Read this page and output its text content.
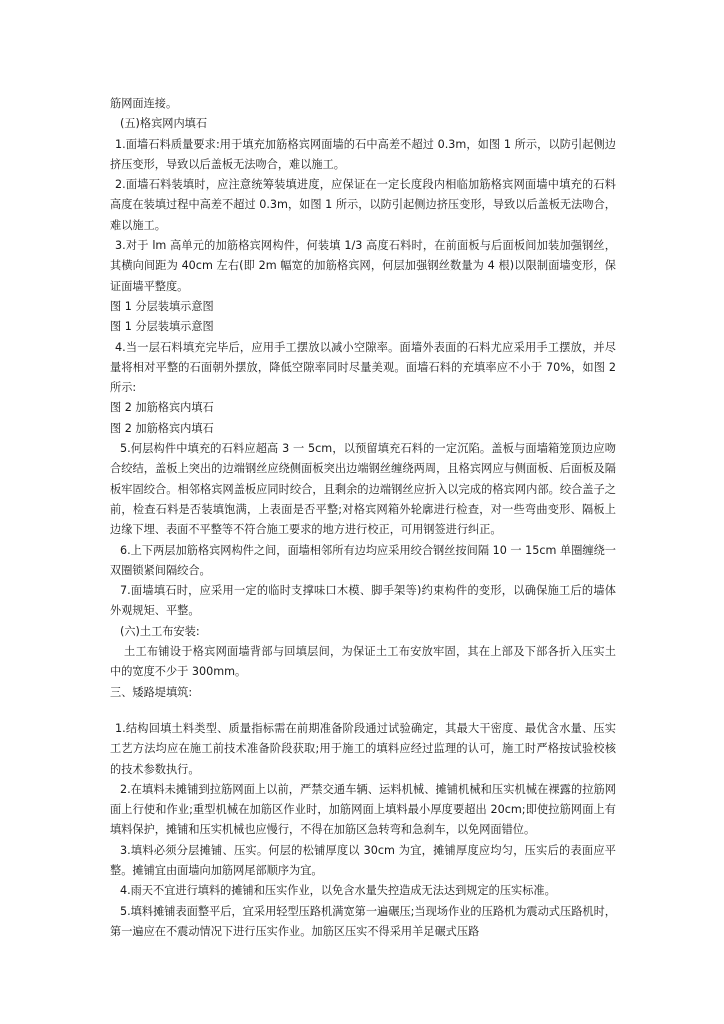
筋网面连接。

(五)格宾网内填石

1.面墙石料质量要求:用于填充加筋格宾网面墙的石中高差不超过 0.3m，如图 1 所示，以防引起侧边挤压变形，导致以后盖板无法吻合，难以施工。

2.面墙石料装填时，应注意统筹装填进度，应保证在一定长度段内相临加筋格宾网面墙中填充的石料高度在装填过程中高差不超过 0.3m，如图 1 所示，以防引起侧边挤压变形，导致以后盖板无法吻合，难以施工。

3.对于 lm 高单元的加筋格宾网构件，何装填 1/3 高度石料时，在前面板与后面板间加装加强钢丝，其横向间距为 40cm 左右(即 2m 幅宽的加筋格宾网，何层加强钢丝数量为 4 根)以限制面墙变形，保证面墙平整度。

图 1 分层装填示意图

图 1 分层装填示意图

4.当一层石料填充完毕后，应用手工摆放以减小空隙率。面墙外表面的石料尤应采用手工摆放，并尽量将相对平整的石面朝外摆放，降低空隙率同时尽量美观。面墙石料的充填率应不小于 70%，如图 2 所示:

图 2 加筋格宾内填石

图 2 加筋格宾内填石

5.何层构件中填充的石料应超高 3 一 5cm，以预留填充石料的一定沉陷。盖板与面墙箱笼顶边应吻合绞结，盖板上突出的边端钢丝应绕侧面板突出边端钢丝缠绕两周，且格宾网应与侧面板、后面板及隔板牢固绞合。相邻格宾网盖板应同时绞合，且剩余的边端钢丝应折入以完成的格宾网内部。绞合盖子之前，检查石料是否装填饱满，上表面是否平整;对格宾网箱外轮廓进行检查，对一些弯曲变形、隔板上边缘下埋、表面不平整等不符合施工要求的地方进行校正，可用钢签进行纠正。

6.上下两层加筋格宾网构件之间，面墙相邻所有边均应采用绞合钢丝按间隔 10 一 15cm 单圈缠绕一双圈锁紧间隔绞合。

7.面墙填石时，应采用一定的临时支撑味口木模、脚手架等)约束构件的变形，以确保施工后的墙体外观规矩、平整。

(六)土工布安装:

土工布铺设于格宾网面墙背部与回填层间，为保证土工布安放牢固，其在上部及下部各折入压实土中的宽度不少于 300mm。

三、矮路堤填筑:

1.结构回填土料类型、质量指标需在前期准备阶段通过试验确定，其最大干密度、最优含水量、压实工艺方法均应在施工前技术准备阶段获取;用于施工的填料应经过监理的认可，施工时严格按试验校核的技术参数执行。

2.在填料未摊铺到拉筋网面上以前，严禁交通车辆、运料机械、摊铺机械和压实机械在裸露的拉筋网面上行使和作业;重型机械在加筋区作业时，加筋网面上填料最小厚度要超出 20cm;即使拉筋网面上有填料保护，摊铺和压实机械也应慢行，不得在加筋区急转弯和急刹车，以免网面错位。

3.填料必须分层摊铺、压实。何层的松铺厚度以 30cm 为宜，摊铺厚度应均匀，压实后的表面应平整。摊铺宜由面墙向加筋网尾部顺序为宜。

4.雨天不宜进行填料的摊铺和压实作业，以免含水量失控造成无法达到规定的压实标准。

5.填料摊铺表面整平后，宜采用轻型压路机满宽第一遍碾压;当现场作业的压路机为震动式压路机时，第一遍应在不震动情况下进行压实作业。加筋区压实不得采用羊足碾式压路
